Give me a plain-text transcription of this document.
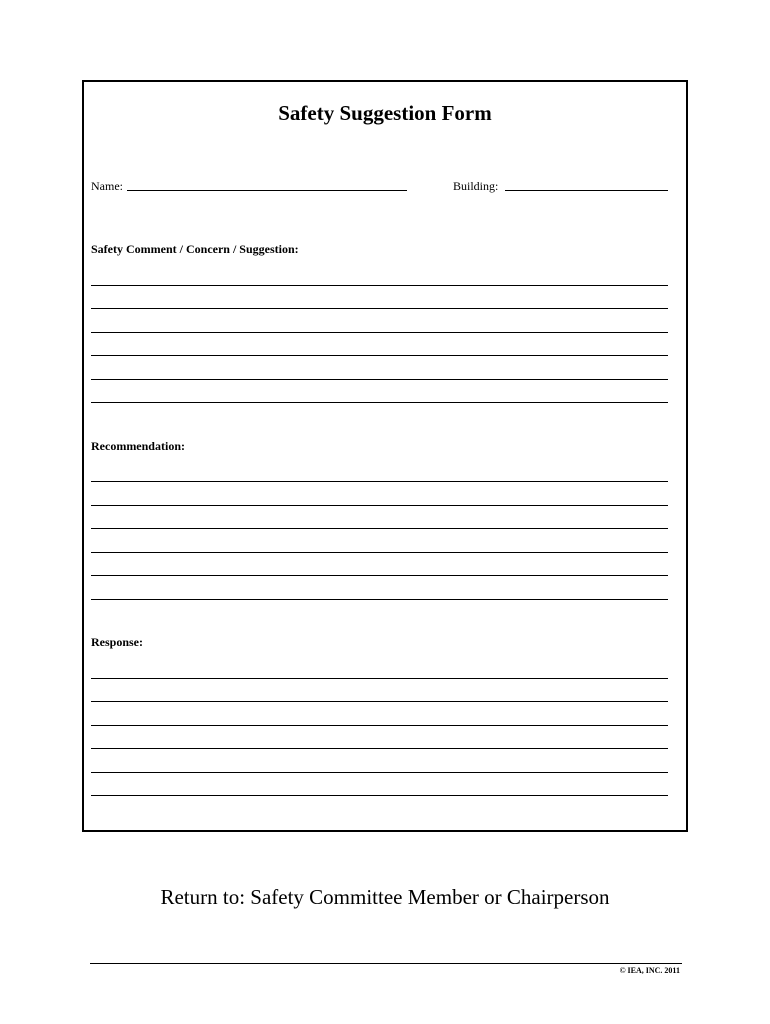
Safety Suggestion Form
Name:	Building:
Safety Comment / Concern / Suggestion:
Recommendation:
Response:
Return to: Safety Committee Member or Chairperson
© IEA, INC. 2011
